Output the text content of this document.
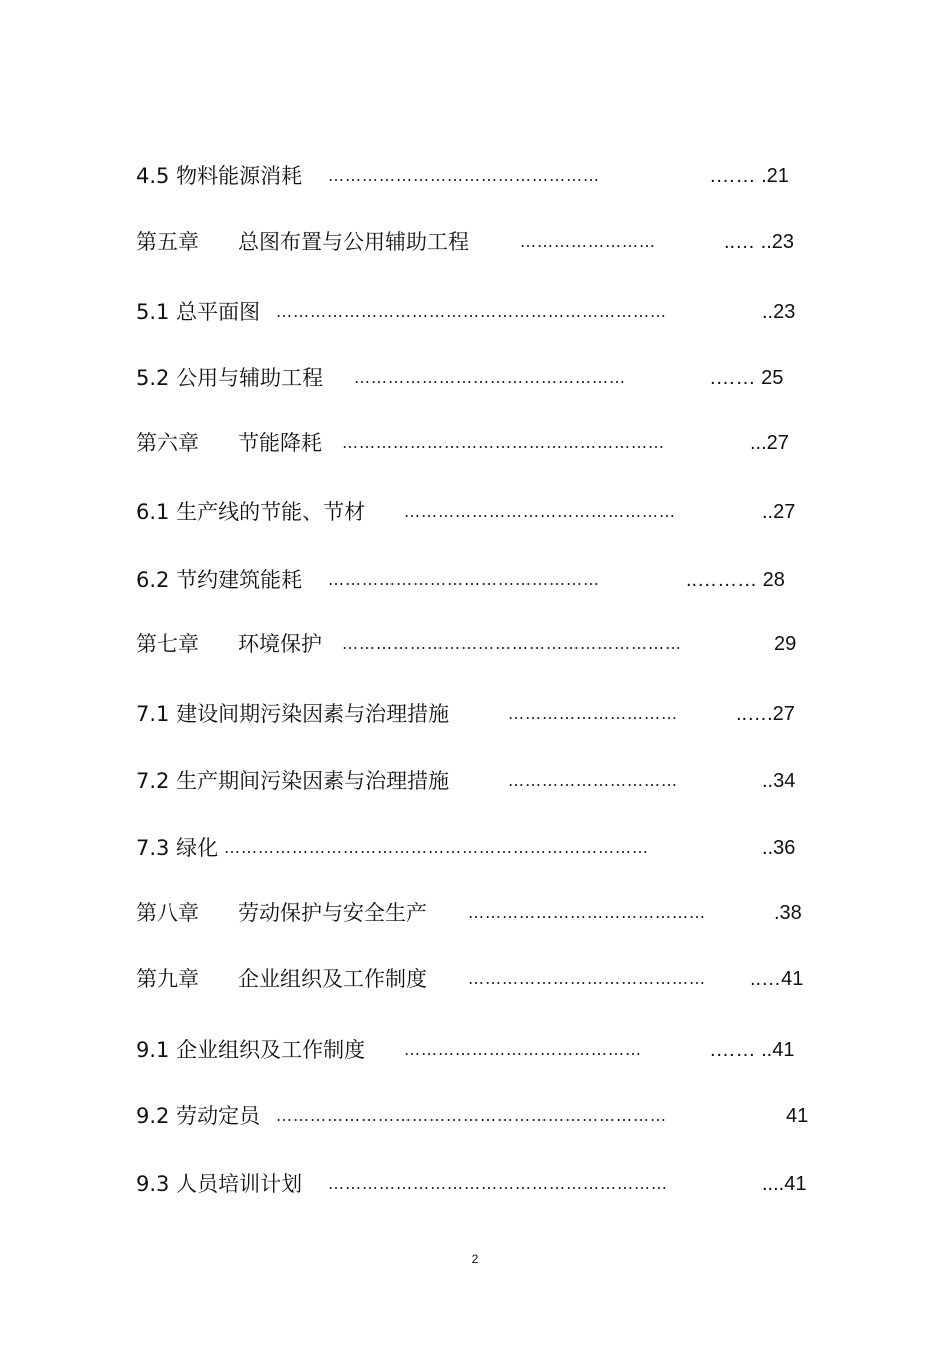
4.5 物料能源消耗 …………………………………………	.…… .21
第五章 总图布置与公用辅助工程	……………………	..… ..23
5.1 总平面图 ……………………………………………………………	..23
5.2 公用与辅助工程 …………………………………………	.…… 25
第六章 节能降耗 …………………………………………………	...27
6.1 生产线的节能、节材 …………………………………………	..27
6.2 节约建筑能耗 …………………………………………	..……… 28
第七章 环境保护 ……………………………………………………	29
7.1 建设间期污染因素与治理措施	…………………………	..….27
7.2 生产期间污染因素与治理措施	…………………………	..34
7.3 绿化 …………………………………………………………………	..36
第八章 劳动保护与安全生产	……………………………………	.38
第九章 企业组织及工作制度	…………………………………… ..…41
9.1 企业组织及工作制度 ……………………………………	.…… ..41
9.2 劳动定员 ……………………………………………………………	41
9.3 人员培训计划 ……………………………………………………	....41
2
